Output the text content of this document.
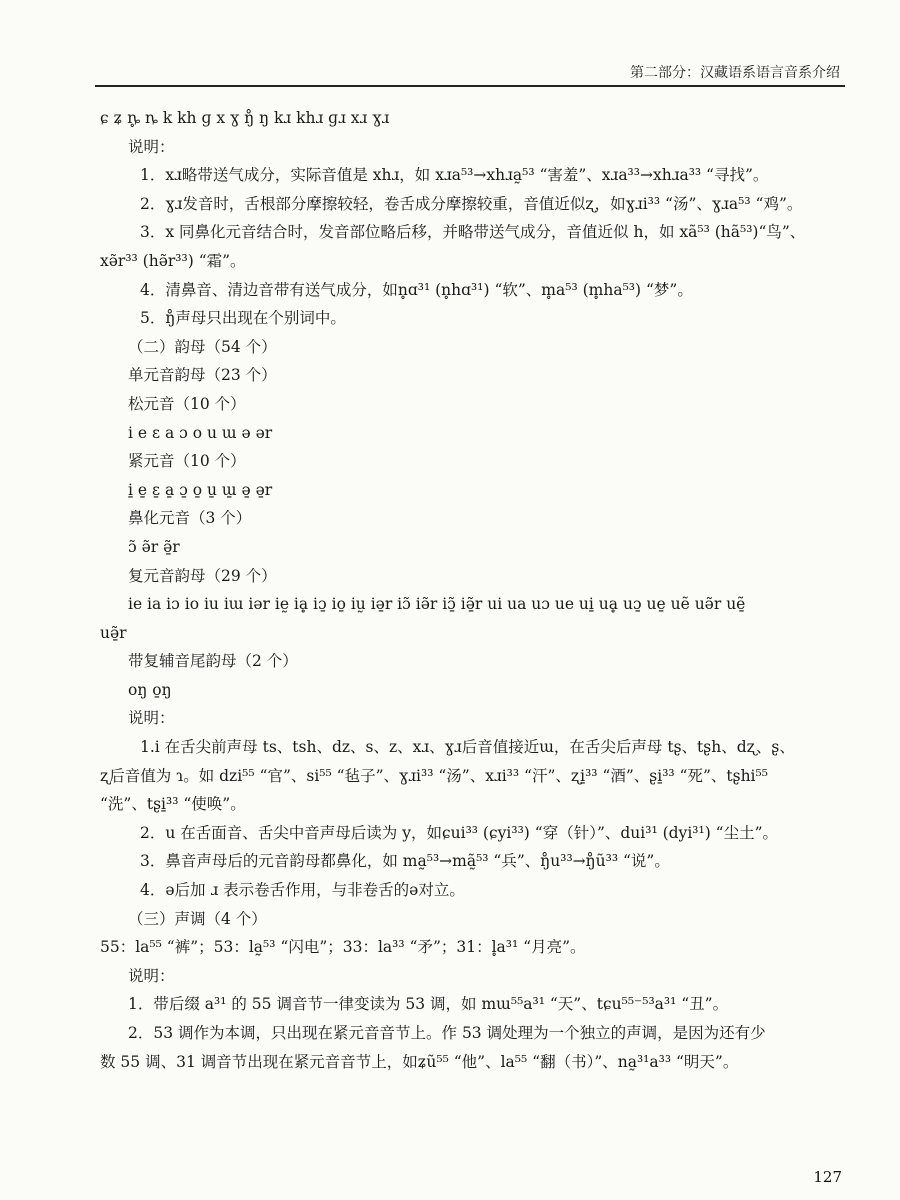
第二部分：汉藏语系语言音系介绍
ɕ ʑ ȵ̥ ȵ k kh ɡ x ɣ ŋ̊ ŋ kɹ khɹ ɡɹ xɹ ɣɹ
说明：
1．xɹ略带送气成分，实际音值是 xhɹ，如 xɹa⁵³→xhɹa̰⁵³ “害羞”、xɹa³³→xhɹa³³ “寻找”。
2．ɣɹ发音时，舌根部分摩擦较轻，卷舌成分摩擦较重，音值近似ʐ，如ɣɹi³³ “汤”、ɣɹa⁵³ “鸡”。
3．x 同鼻化元音结合时，发音部位略后移，并略带送气成分，音值近似 h，如 xã⁵³ (hã⁵³)“鸟”、
xə̃r³³ (hə̃r³³) “霜”。
4．清鼻音、清边音带有送气成分，如n̥ɑ³¹ (n̥hɑ³¹) “软”、m̥a⁵³ (m̥ha⁵³) “梦”。
5．ŋ̊声母只出现在个别词中。
（二）韵母（54 个）
单元音韵母（23 个）
松元音（10 个）
i e ɛ a ɔ o u ɯ ə ər
紧元音（10 个）
i̱ e̱ ɛ̱ a̱ ɔ̱ o̱ u̱ ɯ̱ ə̱ ə̱r
鼻化元音（3 个）
ɔ̃ ə̃r ə̱̃r
复元音韵母（29 个）
ie ia iɔ io iu iɯ iər iḛ iḁ iɔ̱ io̱ iṵ iə̱r iɔ̃ iə̃r iɔ̱̃ iə̱̃r ui ua uɔ ue ui̱ uḁ uɔ̱ ue̱ uẽ uə̃r uẽ̱
uə̱̃r
带复辅音尾韵母（2 个）
oŋ o̱ŋ
说明：
1.i 在舌尖前声母 ts、tsh、dz、s、z、xɹ、ɣɹ后音值接近ɯ，在舌尖后声母 tʂ、tʂh、dʐ、ʂ、
ʐ后音值为 ɿ。如 dzi⁵⁵ “官”、si⁵⁵ “毡子”、ɣɹi³³ “汤”、xɹi³³ “汗”、ʐi̱³³ “酒”、ʂi̱³³ “死”、tʂhi⁵⁵
“洗”、tʂi̱³³ “使唤”。
2．u 在舌面音、舌尖中音声母后读为 y，如ɕui³³ (ɕyi³³) “穿（针）”、dui³¹ (dyi³¹) “尘土”。
3．鼻音声母后的元音韵母都鼻化，如 ma̰⁵³→mã̰⁵³ “兵”、ŋ̊u³³→ŋ̊ũ³³ “说”。
4．ə后加 ɹ 表示卷舌作用，与非卷舌的ə对立。
（三）声调（4 个）
55：la⁵⁵ “裤”；53：la̰⁵³ “闪电”；33：la³³ “矛”；31：l̥a³¹ “月亮”。
说明：
1．带后缀 a³¹ 的 55 调音节一律变读为 53 调，如 mɯ⁵⁵a³¹ “天”、tɕu⁵⁵⁻⁵³a³¹ “丑”。
2．53 调作为本调，只出现在紧元音音节上。作 53 调处理为一个独立的声调，是因为还有少
数 55 调、31 调音节出现在紧元音音节上，如ʑũ⁵⁵ “他”、la⁵⁵ “翻（书）”、na̰³¹a³³ “明天”。
127
